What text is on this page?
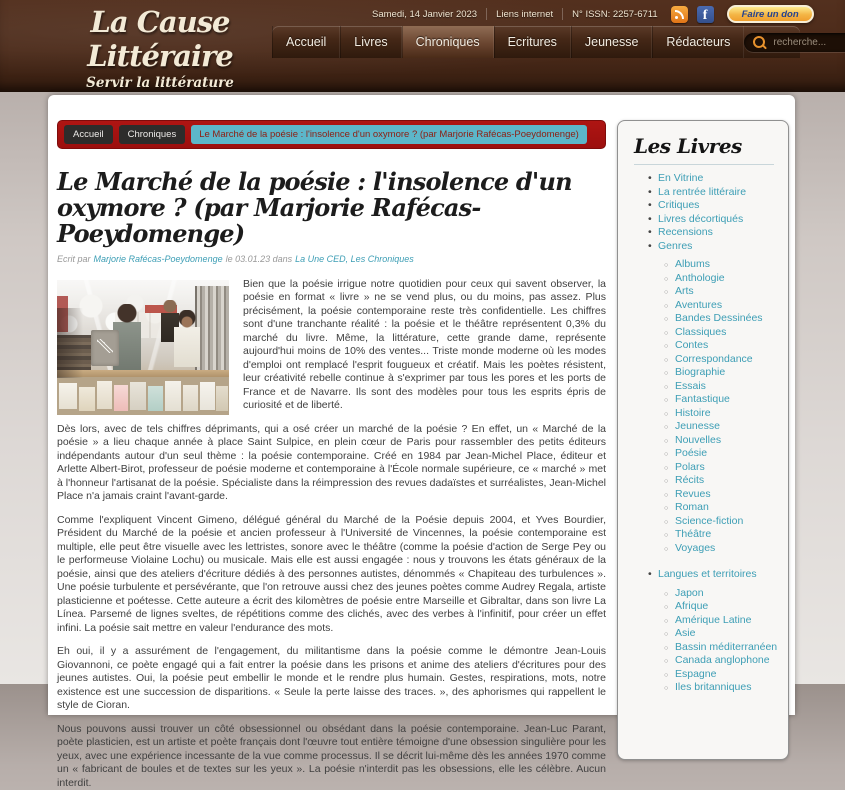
La Cause Littéraire
Servir la littérature
Samedi, 14 Janvier 2023 Liens internet N° ISSN: 2257-6711	f	Faire un don
Accueil	Livres	Chroniques	Ecritures	Jeunesse	Rédacteurs
recherche...
Accueil	Chroniques	Le Marché de la poésie : l'insolence d'un oxymore ? (par Marjorie Rafécas-Poeydomenge)
Le Marché de la poésie : l'insolence d'un oxymore ? (par Marjorie Rafécas-Poeydomenge)
Ecrit par Marjorie Rafécas-Poeydomenge le 03.01.23 dans La Une CED, Les Chroniques

Bien que la poésie irrigue notre quotidien pour ceux qui savent observer, la poésie en format « livre » ne se vend plus, ou du moins, pas assez. Plus précisément, la poésie contemporaine reste très confidentielle. Les chiffres sont d'une tranchante réalité : la poésie et le théâtre représentent 0,3% du marché du livre. Même, la littérature, cette grande dame, représente aujourd'hui moins de 10% des ventes... Triste monde moderne où les modes d'emploi ont remplacé l'esprit fougueux et créatif. Mais les poètes résistent, leur créativité rebelle continue à s'exprimer par tous les pores et les ports de France et de Navarre. Ils sont des modèles pour tous les esprits épris de curiosité et de liberté.

Dès lors, avec de tels chiffres déprimants, qui a osé créer un marché de la poésie ? En effet, un « Marché de la poésie » a lieu chaque année à place Saint Sulpice, en plein cœur de Paris pour rassembler des petits éditeurs indépendants autour d'un seul thème : la poésie contemporaine. Créé en 1984 par Jean-Michel Place, éditeur et Arlette Albert-Birot, professeur de poésie moderne et contemporaine à l'École normale supérieure, ce « marché » met à l'honneur l'artisanat de la poésie. Spécialiste dans la réimpression des revues dadaïstes et surréalistes, Jean-Michel Place n'a jamais craint l'avant-garde.

Comme l'expliquent Vincent Gimeno, délégué général du Marché de la Poésie depuis 2004, et Yves Bourdier, Président du Marché de la poésie et ancien professeur à l'Université de Vincennes, la poésie contemporaine est multiple, elle peut être visuelle avec les lettristes, sonore avec le théâtre (comme la poésie d'action de Serge Pey ou le performeuse Violaine Lochu) ou musicale. Mais elle est aussi engagée : nous y trouvons les états généraux de la poésie, ainsi que des ateliers d'écriture dédiés à des personnes autistes, dénommés « Chapiteau des turbulences ». Une poésie turbulente et persévérante, que l'on retrouve aussi chez des jeunes poètes comme Audrey Regala, artiste plasticienne et poétesse. Cette auteure a écrit des kilomètres de poésie entre Marseille et Gibraltar, dans son livre La Línea. Parsemé de lignes sveltes, de répétitions comme des clichés, avec des verbes à l'infinitif, pour créer un effet infini. La poésie sait mettre en valeur l'endurance des mots.

Eh oui, il y a assurément de l'engagement, du militantisme dans la poésie comme le démontre Jean-Louis Giovannoni, ce poète engagé qui a fait entrer la poésie dans les prisons et anime des ateliers d'écritures pour des jeunes autistes. Oui, la poésie peut embellir le monde et le rendre plus humain. Gestes, respirations, mots, notre existence est une succession de disparitions. « Seule la perte laisse des traces. », des aphorismes qui rappellent le style de Cioran.

Nous pouvons aussi trouver un côté obsessionnel ou obsédant dans la poésie contemporaine. Jean-Luc Parant, poète plasticien, est un artiste et poète français dont l'œuvre tout entière témoigne d'une obsession singulière pour les yeux, avec une expérience incessante de la vue comme processus. Il se décrit lui-même dès les années 1970 comme un « fabricant de boules et de textes sur les yeux ». La poésie n'interdit pas les obsessions, elle les célèbre. Aucun interdit.

Les Livres
• En Vitrine
• La rentrée littéraire
• Critiques
• Livres décortiqués
• Recensions
• Genres
○ Albums
○ Anthologie
○ Arts
○ Aventures
○ Bandes Dessinées
○ Classiques
○ Contes
○ Correspondance
○ Biographie
○ Essais
○ Fantastique
○ Histoire
○ Jeunesse
○ Nouvelles
○ Poésie
○ Polars
○ Récits
○ Revues
○ Roman
○ Science-fiction
○ Théâtre
○ Voyages
• Langues et territoires
○ Japon
○ Afrique
○ Amérique Latine
○ Asie
○ Bassin méditerranéen
○ Canada anglophone
○ Espagne
○ Iles britanniques
